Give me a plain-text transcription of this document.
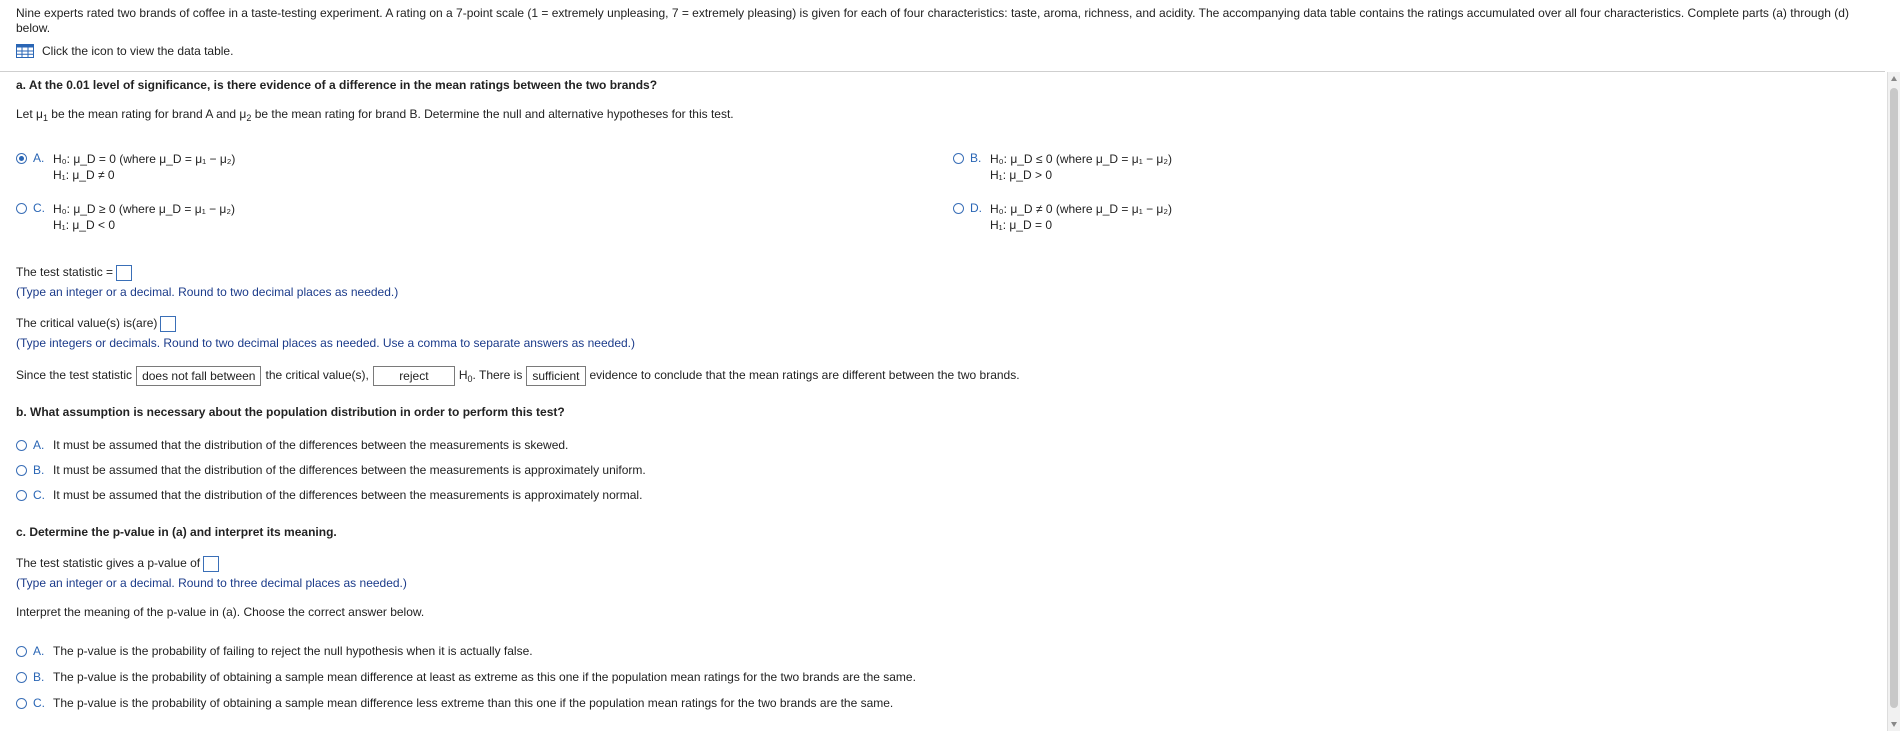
Nine experts rated two brands of coffee in a taste-testing experiment. A rating on a 7-point scale (1 = extremely unpleasing, 7 = extremely pleasing) is given for each of four characteristics: taste, aroma, richness, and acidity. The accompanying data table contains the ratings accumulated over all four characteristics. Complete parts (a) through (d) below.
Click the icon to view the data table.
a. At the 0.01 level of significance, is there evidence of a difference in the mean ratings between the two brands?
Let $\mu_1$ be the mean rating for brand A and $\mu_2$ be the mean rating for brand B. Determine the null and alternative hypotheses for this test.
A. H₀: μ_D = 0 (where μ_D = μ₁ − μ₂)
H₁: μ_D ≠ 0
B. H₀: μ_D ≤ 0 (where μ_D = μ₁ − μ₂)
H₁: μ_D > 0
C. H₀: μ_D ≥ 0 (where μ_D = μ₁ − μ₂)
H₁: μ_D < 0
D. H₀: μ_D ≠ 0 (where μ_D = μ₁ − μ₂)
H₁: μ_D = 0
The test statistic =
(Type an integer or a decimal. Round to two decimal places as needed.)
The critical value(s) is(are)
(Type integers or decimals. Round to two decimal places as needed. Use a comma to separate answers as needed.)
Since the test statistic does not fall between the critical value(s),	reject	$H_0$. There is sufficient evidence to conclude that the mean ratings are different between the two brands.
b. What assumption is necessary about the population distribution in order to perform this test?
A. It must be assumed that the distribution of the differences between the measurements is skewed.
B. It must be assumed that the distribution of the differences between the measurements is approximately uniform.
C. It must be assumed that the distribution of the differences between the measurements is approximately normal.
c. Determine the p-value in (a) and interpret its meaning.
The test statistic gives a p-value of
(Type an integer or a decimal. Round to three decimal places as needed.)
Interpret the meaning of the p-value in (a). Choose the correct answer below.
A. The p-value is the probability of failing to reject the null hypothesis when it is actually false.
B. The p-value is the probability of obtaining a sample mean difference at least as extreme as this one if the population mean ratings for the two brands are the same.
C. The p-value is the probability of obtaining a sample mean difference less extreme than this one if the population mean ratings for the two brands are the same.
